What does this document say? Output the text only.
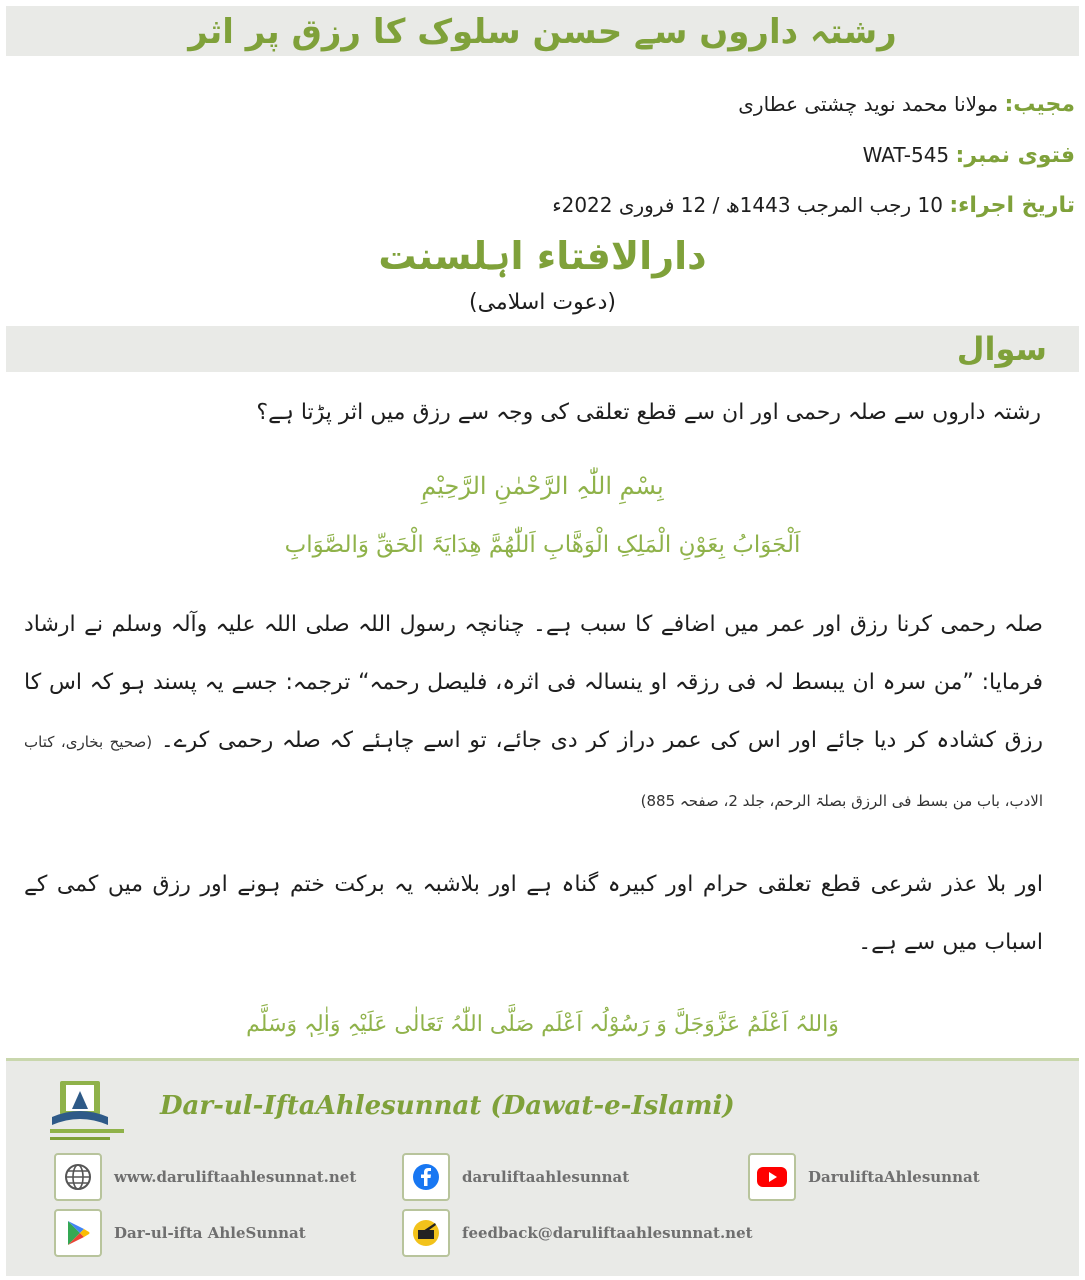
رشتہ داروں سے حسن سلوک کا رزق پر اثر
مجیب: مولانا محمد نوید چشتی عطاری
فتوی نمبر: WAT-545
تاریخ اجراء: 10 رجب المرجب 1443ھ / 12 فروری 2022ء
دارالافتاء اہلسنت
(دعوت اسلامی)
سوال
رشتہ داروں سے صلہ رحمی اور ان سے قطع تعلقی کی وجہ سے رزق میں اثر پڑتا ہے؟
بِسْمِ اللّٰہِ الرَّحْمٰنِ الرَّحِیْمِ
اَلْجَوَابُ بِعَوْنِ الْمَلِکِ الْوَھَّابِ اَللّٰھُمَّ ھِدَایَۃَ الْحَقِّ وَالصَّوَابِ
صلہ رحمی کرنا رزق اور عمر میں اضافے کا سبب ہے۔ چنانچہ رسول اللہ صلی اللہ علیہ وآلہ وسلم نے ارشاد فرمایا: ”من سرہ ان یبسط لہ فی رزقہ او ینسالہ فی اثرہ، فلیصل رحمہ“ ترجمہ: جسے یہ پسند ہو کہ اس کا رزق کشادہ کر دیا جائے اور اس کی عمر دراز کر دی جائے، تو اسے چاہئے کہ صلہ رحمی کرے۔ (صحیح بخاری، کتاب الادب، باب من بسط فی الرزق بصلۃ الرحم، جلد 2، صفحہ 885)
اور بلا عذر شرعی قطع تعلقی حرام اور کبیرہ گناہ ہے اور بلاشبہ یہ برکت ختم ہونے اور رزق میں کمی کے اسباب میں سے ہے۔
وَاللہُ اَعْلَمُ عَزَّوَجَلَّ وَ رَسُوْلُہ اَعْلَم صَلَّی اللّٰہُ تَعَالٰی عَلَیْہِ وَاٰلِہٖ وَسَلَّم
Dar-ul-IftaAhlesunnat (Dawat-e-Islami)
www.daruliftaahlesunnat.net	daruliftaahlesunnat	DaruliftaAhlesunnat
Dar-ul-ifta AhleSunnat	feedback@daruliftaahlesunnat.net
